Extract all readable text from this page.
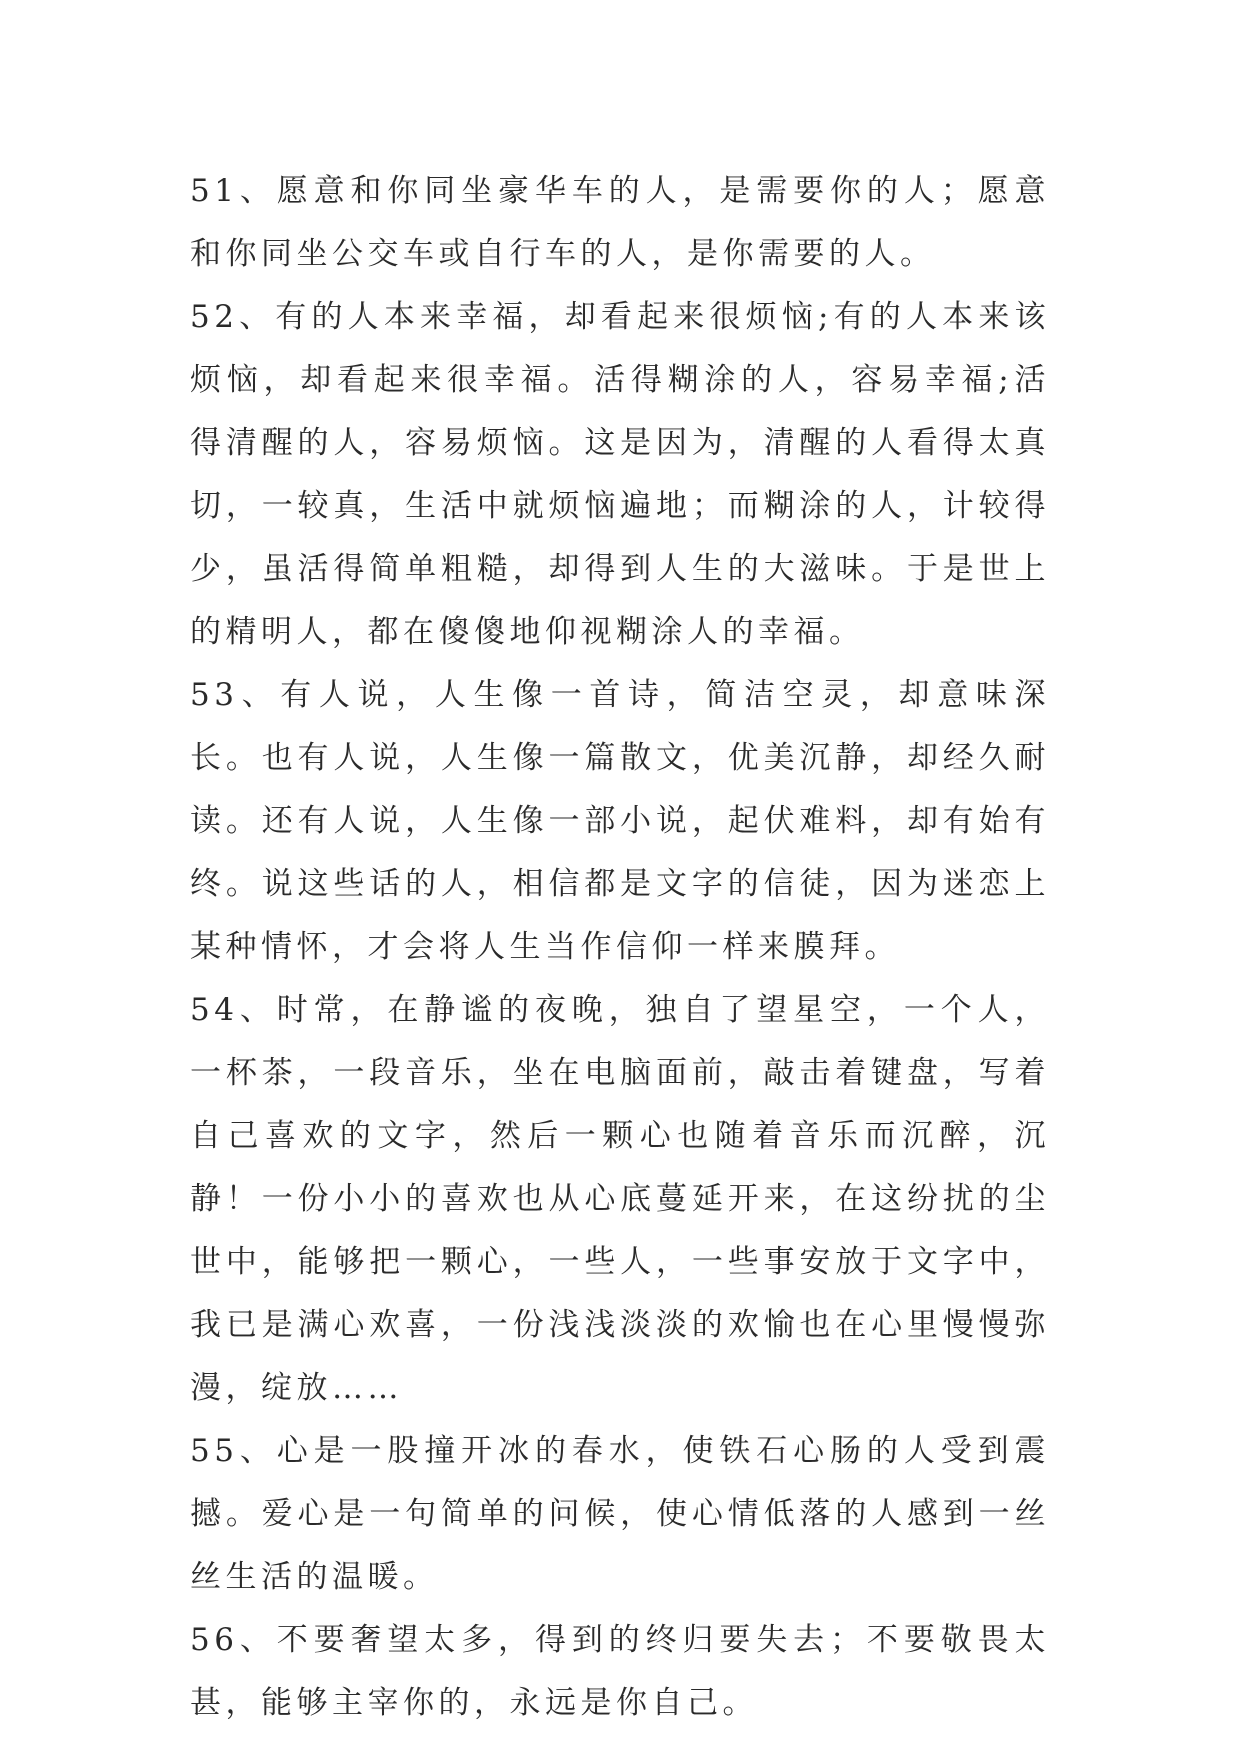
51、愿意和你同坐豪华车的人，是需要你的人；愿意和你同坐公交车或自行车的人，是你需要的人。

52、有的人本来幸福，却看起来很烦恼;有的人本来该烦恼，却看起来很幸福。活得糊涂的人，容易幸福;活得清醒的人，容易烦恼。这是因为，清醒的人看得太真切，一较真，生活中就烦恼遍地；而糊涂的人，计较得少，虽活得简单粗糙，却得到人生的大滋味。于是世上的精明人，都在傻傻地仰视糊涂人的幸福。

53、有人说，人生像一首诗，简洁空灵，却意味深长。也有人说，人生像一篇散文，优美沉静，却经久耐读。还有人说，人生像一部小说，起伏难料，却有始有终。说这些话的人，相信都是文字的信徒，因为迷恋上某种情怀，才会将人生当作信仰一样来膜拜。

54、时常，在静谧的夜晚，独自了望星空，一个人，一杯茶，一段音乐，坐在电脑面前，敲击着键盘，写着自己喜欢的文字，然后一颗心也随着音乐而沉醉，沉静！一份小小的喜欢也从心底蔓延开来，在这纷扰的尘世中，能够把一颗心，一些人，一些事安放于文字中，我已是满心欢喜，一份浅浅淡淡的欢愉也在心里慢慢弥漫，绽放……

55、心是一股撞开冰的春水，使铁石心肠的人受到震撼。爱心是一句简单的问候，使心情低落的人感到一丝丝生活的温暖。

56、不要奢望太多，得到的终归要失去；不要敬畏太甚，能够主宰你的，永远是你自己。
